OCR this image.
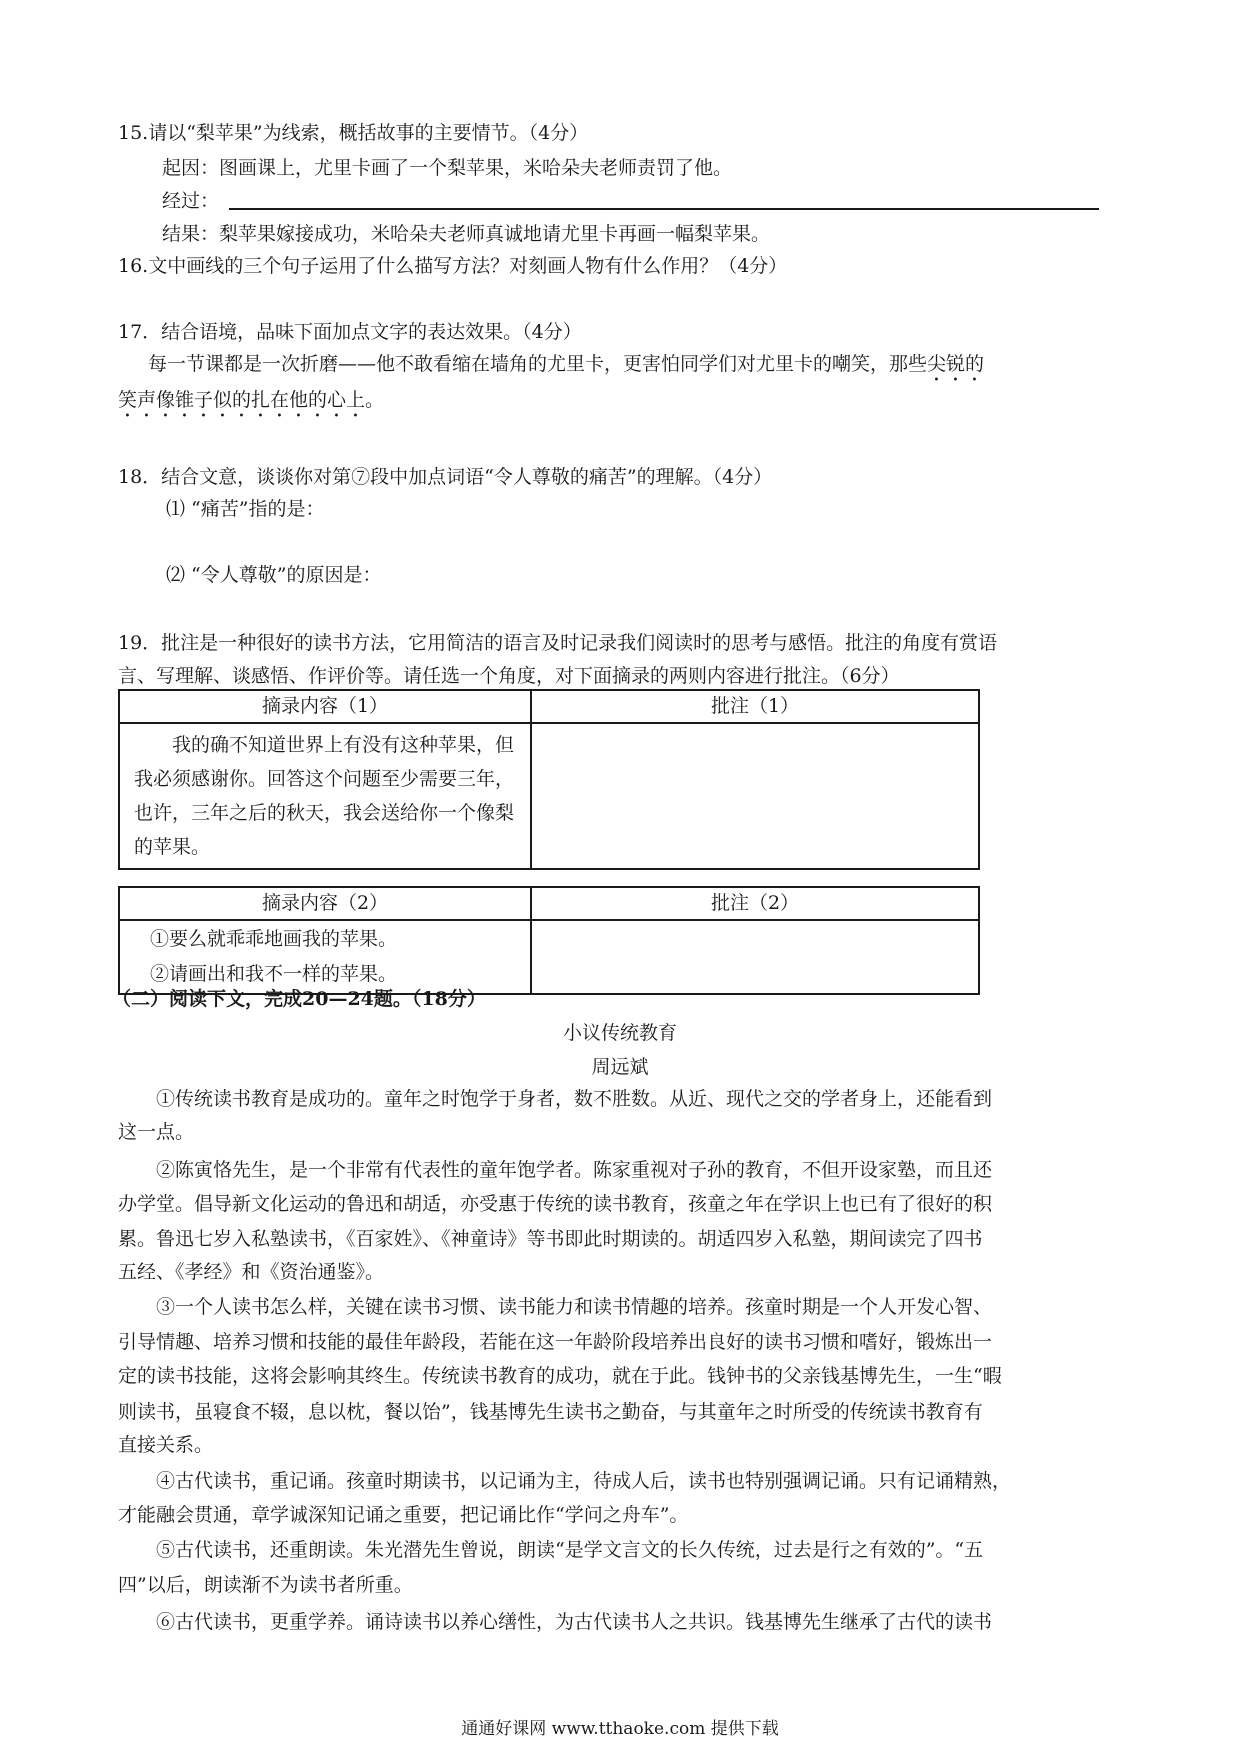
15.请以“梨苹果”为线索，概括故事的主要情节。（4分）

起因：图画课上，尤里卡画了一个梨苹果，米哈朵夫老师责罚了他。

经过：

结果：梨苹果嫁接成功，米哈朵夫老师真诚地请尤里卡再画一幅梨苹果。

16.文中画线的三个句子运用了什么描写方法？对刻画人物有什么作用？（4分）

17．结合语境，品味下面加点文字的表达效果。（4分）

每一节课都是一次折磨——他不敢看缩在墙角的尤里卡，更害怕同学们对尤里卡的嘲笑，那些尖锐的

笑声像锥子似的扎在他的心上。

18．结合文意，谈谈你对第⑦段中加点词语“令人尊敬的痛苦”的理解。（4分）

⑴ “痛苦”指的是：

⑵ “令人尊敬”的原因是：

19．批注是一种很好的读书方法，它用简洁的语言及时记录我们阅读时的思考与感悟。批注的角度有赏语

言、写理解、谈感悟、作评价等。请任选一个角度，对下面摘录的两则内容进行批注。（6分）

摘录内容（1）	批注（1）

　　我的确不知道世界上有没有这种苹果，但我必须感谢你。回答这个问题至少需要三年，也许，三年之后的秋天，我会送给你一个像梨的苹果。	

摘录内容（2）	批注（2）

①要么就乖乖地画我的苹果。
②请画出和我不一样的苹果。	

（二）阅读下文，完成20—24题。（18分）

小议传统教育

周远斌

　　①传统读书教育是成功的。童年之时饱学于身者，数不胜数。从近、现代之交的学者身上，还能看到

这一点。

　　②陈寅恪先生，是一个非常有代表性的童年饱学者。陈家重视对子孙的教育，不但开设家塾，而且还

办学堂。倡导新文化运动的鲁迅和胡适，亦受惠于传统的读书教育，孩童之年在学识上也已有了很好的积

累。鲁迅七岁入私塾读书，《百家姓》、《神童诗》等书即此时期读的。胡适四岁入私塾，期间读完了四书

五经、《孝经》和《资治通鉴》。

　　③一个人读书怎么样，关键在读书习惯、读书能力和读书情趣的培养。孩童时期是一个人开发心智、

引导情趣、培养习惯和技能的最佳年龄段，若能在这一年龄阶段培养出良好的读书习惯和嗜好，锻炼出一

定的读书技能，这将会影响其终生。传统读书教育的成功，就在于此。钱钟书的父亲钱基博先生，一生“暇

则读书，虽寝食不辍，息以枕，餐以饴”，钱基博先生读书之勤奋，与其童年之时所受的传统读书教育有

直接关系。

　　④古代读书，重记诵。孩童时期读书，以记诵为主，待成人后，读书也特别强调记诵。只有记诵精熟，

才能融会贯通，章学诚深知记诵之重要，把记诵比作“学问之舟车”。

　　⑤古代读书，还重朗读。朱光潜先生曾说，朗读“是学文言文的长久传统，过去是行之有效的”。“五

四”以后，朗读渐不为读书者所重。

　　⑥古代读书，更重学养。诵诗读书以养心缮性，为古代读书人之共识。钱基博先生继承了古代的读书

通通好课网 www.tthaoke.com 提供下载
